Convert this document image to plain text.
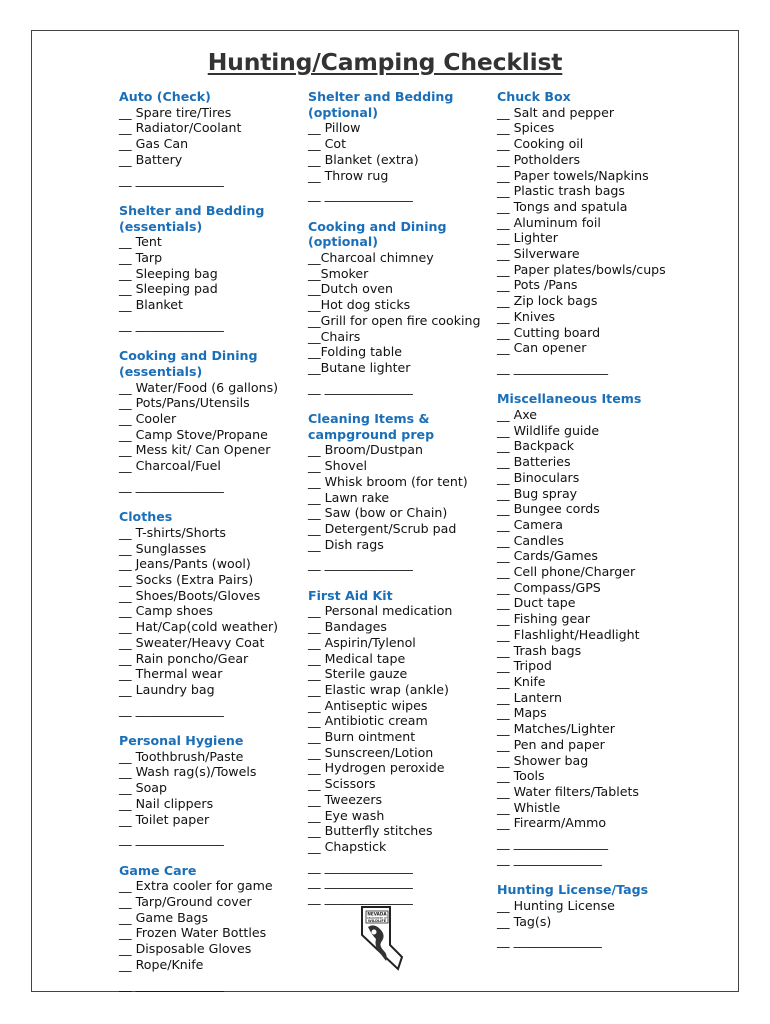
Hunting/Camping Checklist
Auto (Check)
__ Spare tire/Tires
__ Radiator/Coolant
__ Gas Can
__ Battery
__ ______________
Shelter and Bedding
(essentials)
__ Tent
__ Tarp
__ Sleeping bag
__ Sleeping pad
__ Blanket
__ ______________
Cooking and Dining
(essentials)
__ Water/Food (6 gallons)
__ Pots/Pans/Utensils
__ Cooler
__ Camp Stove/Propane
__ Mess kit/ Can Opener
__ Charcoal/Fuel
__ ______________
Clothes
__ T-shirts/Shorts
__ Sunglasses
__ Jeans/Pants (wool)
__ Socks (Extra Pairs)
__ Shoes/Boots/Gloves
__ Camp shoes
__ Hat/Cap(cold weather)
__ Sweater/Heavy Coat
__ Rain poncho/Gear
__ Thermal wear
__ Laundry bag
__ ______________
Personal Hygiene
__ Toothbrush/Paste
__ Wash rag(s)/Towels
__ Soap
__ Nail clippers
__ Toilet paper
__ ______________
Game Care
__ Extra cooler for game
__ Tarp/Ground cover
__ Game Bags
__ Frozen Water Bottles
__ Disposable Gloves
__ Rope/Knife
__ ______________
Shelter and Bedding
(optional)
__ Pillow
__ Cot
__ Blanket (extra)
__ Throw rug
__ ______________
Cooking and Dining
(optional)
__Charcoal chimney
__Smoker
__Dutch oven
__Hot dog sticks
__Grill for open fire cooking
__Chairs
__Folding table
__Butane lighter
__ ______________
Cleaning Items &
campground prep
__ Broom/Dustpan
__ Shovel
__ Whisk broom (for tent)
__ Lawn rake
__ Saw (bow or Chain)
__ Detergent/Scrub pad
__ Dish rags
__ ______________
First Aid Kit
__ Personal medication
__ Bandages
__ Aspirin/Tylenol
__ Medical tape
__ Sterile gauze
__ Elastic wrap (ankle)
__ Antiseptic wipes
__ Antibiotic cream
__ Burn ointment
__ Sunscreen/Lotion
__ Hydrogen peroxide
__ Scissors
__ Tweezers
__ Eye wash
__ Butterfly stitches
__ Chapstick
__ ______________
__ ______________
__ ______________
Chuck Box
__ Salt and pepper
__ Spices
__ Cooking oil
__ Potholders
__ Paper towels/Napkins
__ Plastic trash bags
__ Tongs and spatula
__ Aluminum foil
__ Lighter
__ Silverware
__ Paper plates/bowls/cups
__ Pots /Pans
__ Zip lock bags
__ Knives
__ Cutting board
__ Can opener
__ _______________
Miscellaneous Items
__ Axe
__ Wildlife guide
__ Backpack
__ Batteries
__ Binoculars
__ Bug spray
__ Bungee cords
__ Camera
__ Candles
__ Cards/Games
__ Cell phone/Charger
__ Compass/GPS
__ Duct tape
__ Fishing gear
__ Flashlight/Headlight
__ Trash bags
__ Tripod
__ Knife
__ Lantern
__ Maps
__ Matches/Lighter
__ Pen and paper
__ Shower bag
__ Tools
__ Water filters/Tablets
__ Whistle
__ Firearm/Ammo
__ _______________
__ ______________
Hunting License/Tags
__ Hunting License
__ Tag(s)
__ ______________
NEVADA
DEPARTMENT OF
WILDLIFE
